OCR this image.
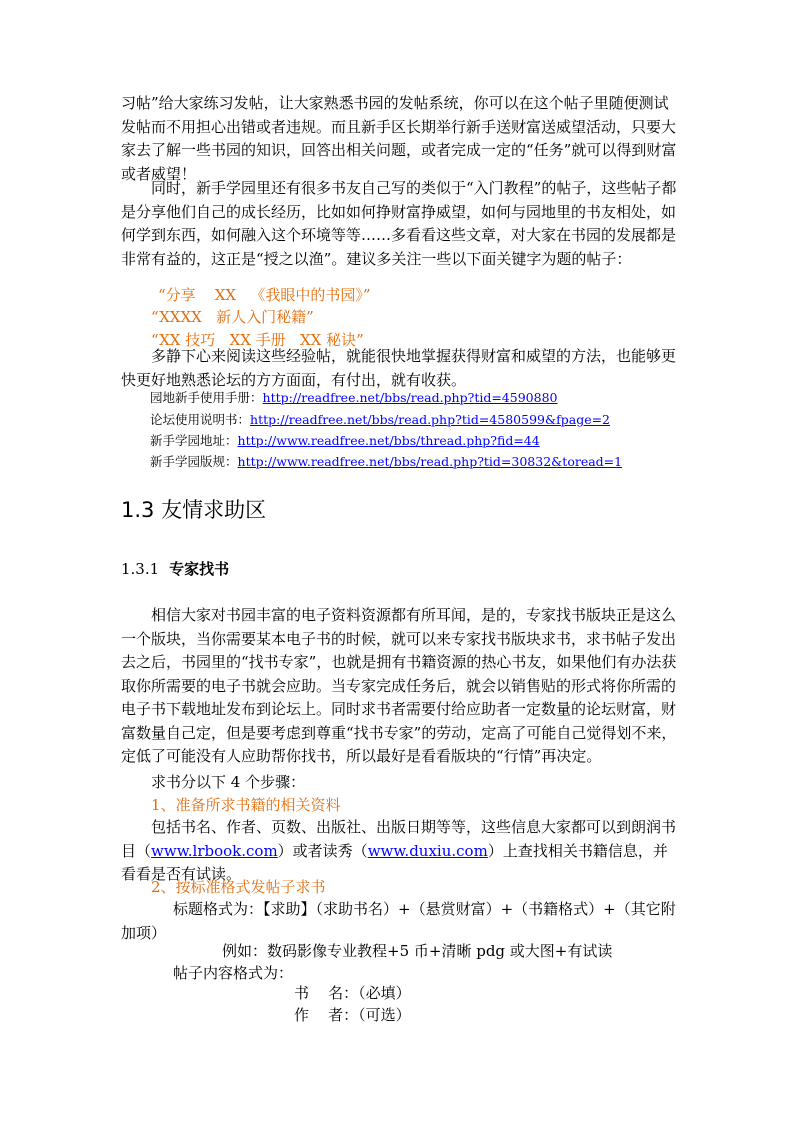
习帖”给大家练习发帖，让大家熟悉书园的发帖系统，你可以在这个帖子里随便测试发帖而不用担心出错或者违规。而且新手区长期举行新手送财富送威望活动，只要大家去了解一些书园的知识，回答出相关问题，或者完成一定的“任务”就可以得到财富或者威望！

同时，新手学园里还有很多书友自己写的类似于“入门教程”的帖子，这些帖子都是分享他们自己的成长经历，比如如何挣财富挣威望，如何与园地里的书友相处，如何学到东西，如何融入这个环境等等……多看看这些文章，对大家在书园的发展都是非常有益的，这正是“授之以渔”。建议多关注一些以下面关键字为题的帖子：

“分享    XX   《我眼中的书园》”
“XXXX   新人入门秘籍”
“XX 技巧   XX 手册   XX 秘诀”

多静下心来阅读这些经验帖，就能很快地掌握获得财富和威望的方法，也能够更快更好地熟悉论坛的方方面面，有付出，就有收获。

园地新手使用手册：http://readfree.net/bbs/read.php?tid=4590880
论坛使用说明书：http://readfree.net/bbs/read.php?tid=4580599&fpage=2
新手学园地址：http://www.readfree.net/bbs/thread.php?fid=44
新手学园版规：http://www.readfree.net/bbs/read.php?tid=30832&toread=1
1.3 友情求助区
1.3.1 专家找书

相信大家对书园丰富的电子资料资源都有所耳闻，是的，专家找书版块正是这么一个版块，当你需要某本电子书的时候，就可以来专家找书版块求书，求书帖子发出去之后，书园里的“找书专家”，也就是拥有书籍资源的热心书友，如果他们有办法获取你所需要的电子书就会应助。当专家完成任务后，就会以销售贴的形式将你所需的电子书下载地址发布到论坛上。同时求书者需要付给应助者一定数量的论坛财富，财富数量自己定，但是要考虑到尊重“找书专家”的劳动，定高了可能自己觉得划不来，定低了可能没有人应助帮你找书，所以最好是看看版块的“行情”再决定。

求书分以下 4 个步骤：
1、准备所求书籍的相关资料

包括书名、作者、页数、出版社、出版日期等等，这些信息大家都可以到朗润书目（www.lrbook.com）或者读秀（www.duxiu.com）上查找相关书籍信息，并看看是否有试读。

2、按标准格式发帖子求书

标题格式为：【求助】（求助书名）+（悬赏财富）+（书籍格式）+（其它附加项）

例如：数码影像专业教程+5 币+清晰 pdg 或大图+有试读
帖子内容格式为：
书    名：（必填）
作    者：（可选）
